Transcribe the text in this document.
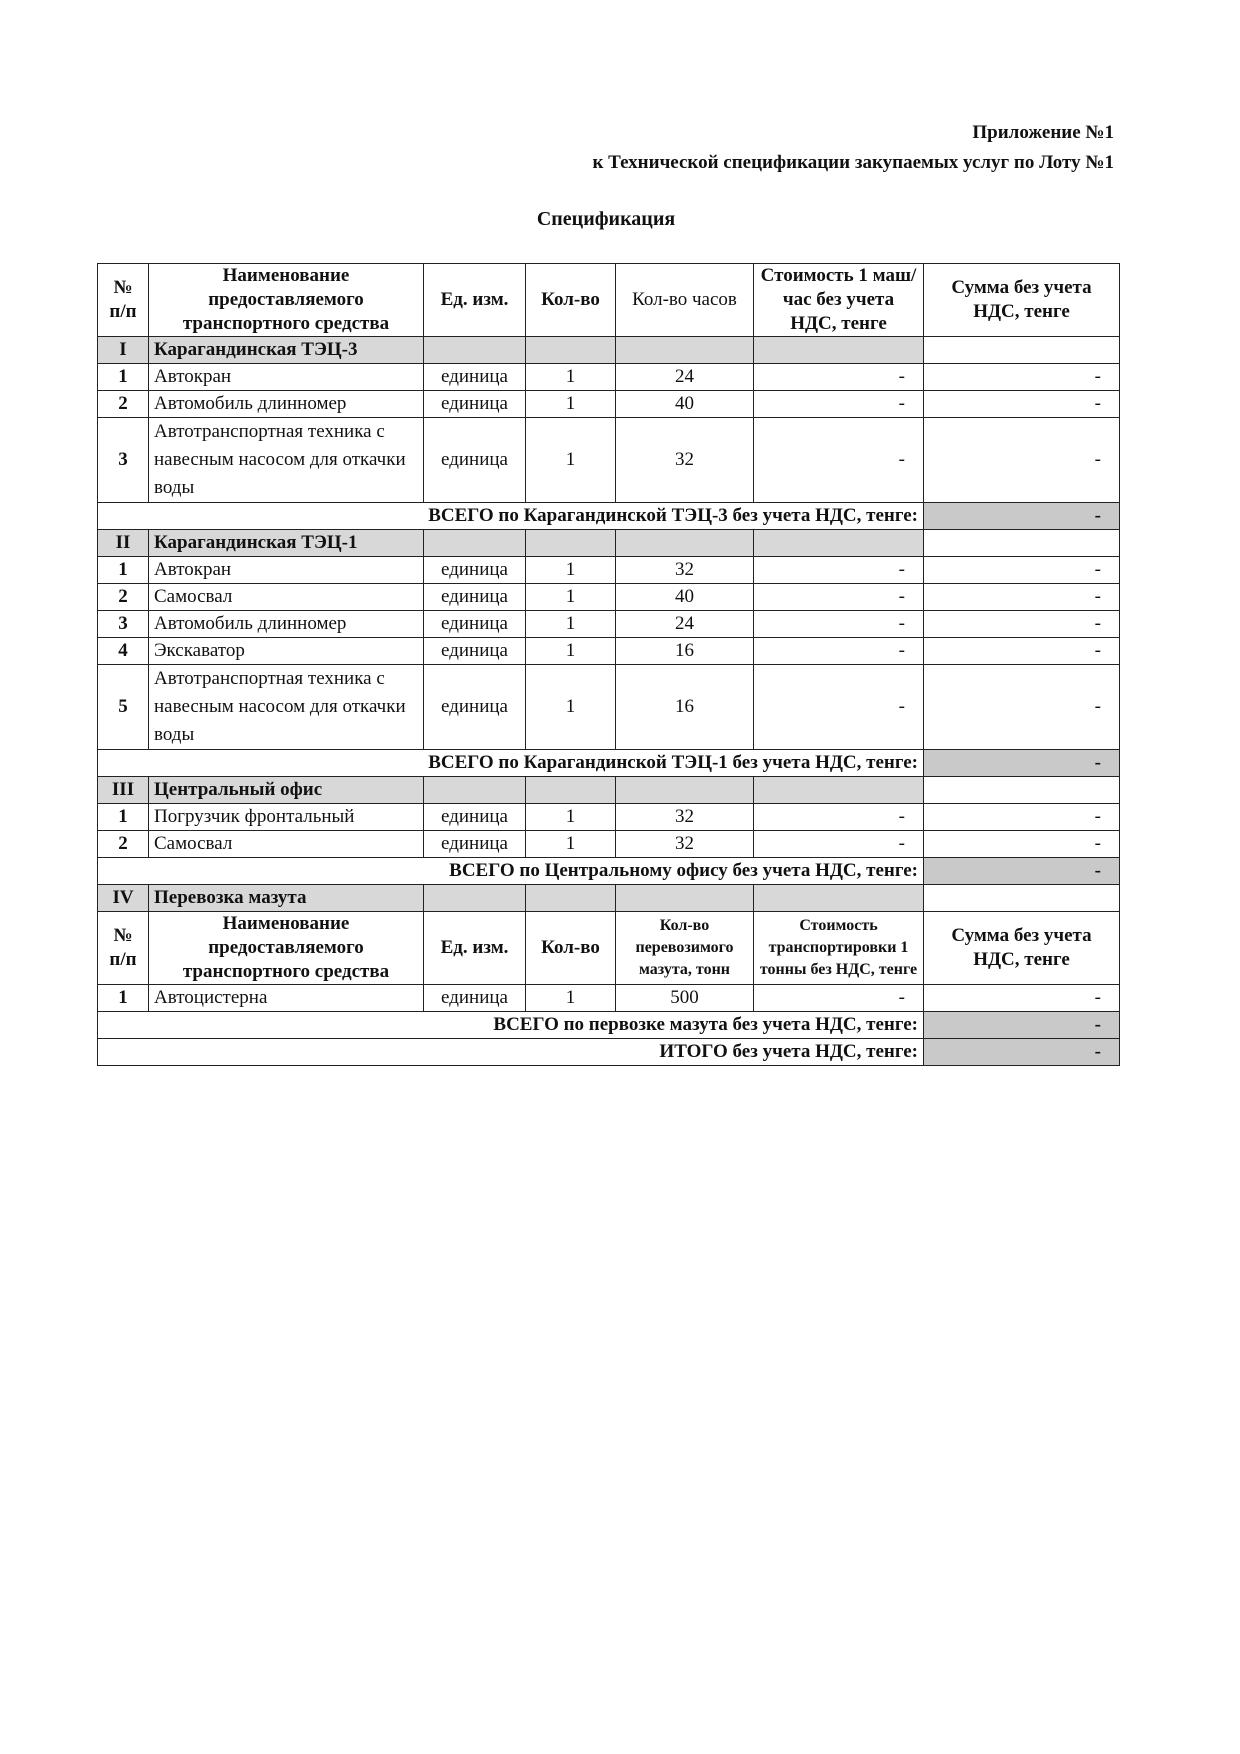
Приложение №1
к Технической спецификации закупаемых услуг по Лоту №1
Спецификация
№ п/п	Наименование предоставляемого транспортного средства	Ед. изм.	Кол-во	Кол-во часов	Стоимость 1 маш/час без учета НДС, тенге	Сумма без учета НДС, тенге
I	Карагандинская ТЭЦ-3					
1	Автокран	единица	1	24	-	-
2	Автомобиль длинномер	единица	1	40	-	-
3	Автотранспортная техника с навесным насосом для откачки воды	единица	1	32	-	-
ВСЕГО по Карагандинской ТЭЦ-3 без учета НДС, тенге:						-
II	Карагандинская ТЭЦ-1					
1	Автокран	единица	1	32	-	-
2	Самосвал	единица	1	40	-	-
3	Автомобиль длинномер	единица	1	24	-	-
4	Экскаватор	единица	1	16	-	-
5	Автотранспортная техника с навесным насосом для откачки воды	единица	1	16	-	-
ВСЕГО по Карагандинской ТЭЦ-1 без учета НДС, тенге:						-
III	Центральный офис					
1	Погрузчик фронтальный	единица	1	32	-	-
2	Самосвал	единица	1	32	-	-
ВСЕГО по Центральному офису без учета НДС, тенге:						-
IV	Перевозка мазута					
№ п/п	Наименование предоставляемого транспортного средства	Ед. изм.	Кол-во	Кол-во перевозимого мазута, тонн	Стоимость транспортировки 1 тонны без НДС, тенге	Сумма без учета НДС, тенге
1	Автоцистерна	единица	1	500	-	-
ВСЕГО по первозке мазута без учета НДС, тенге:						-
ИТОГО без учета НДС, тенге:						-
